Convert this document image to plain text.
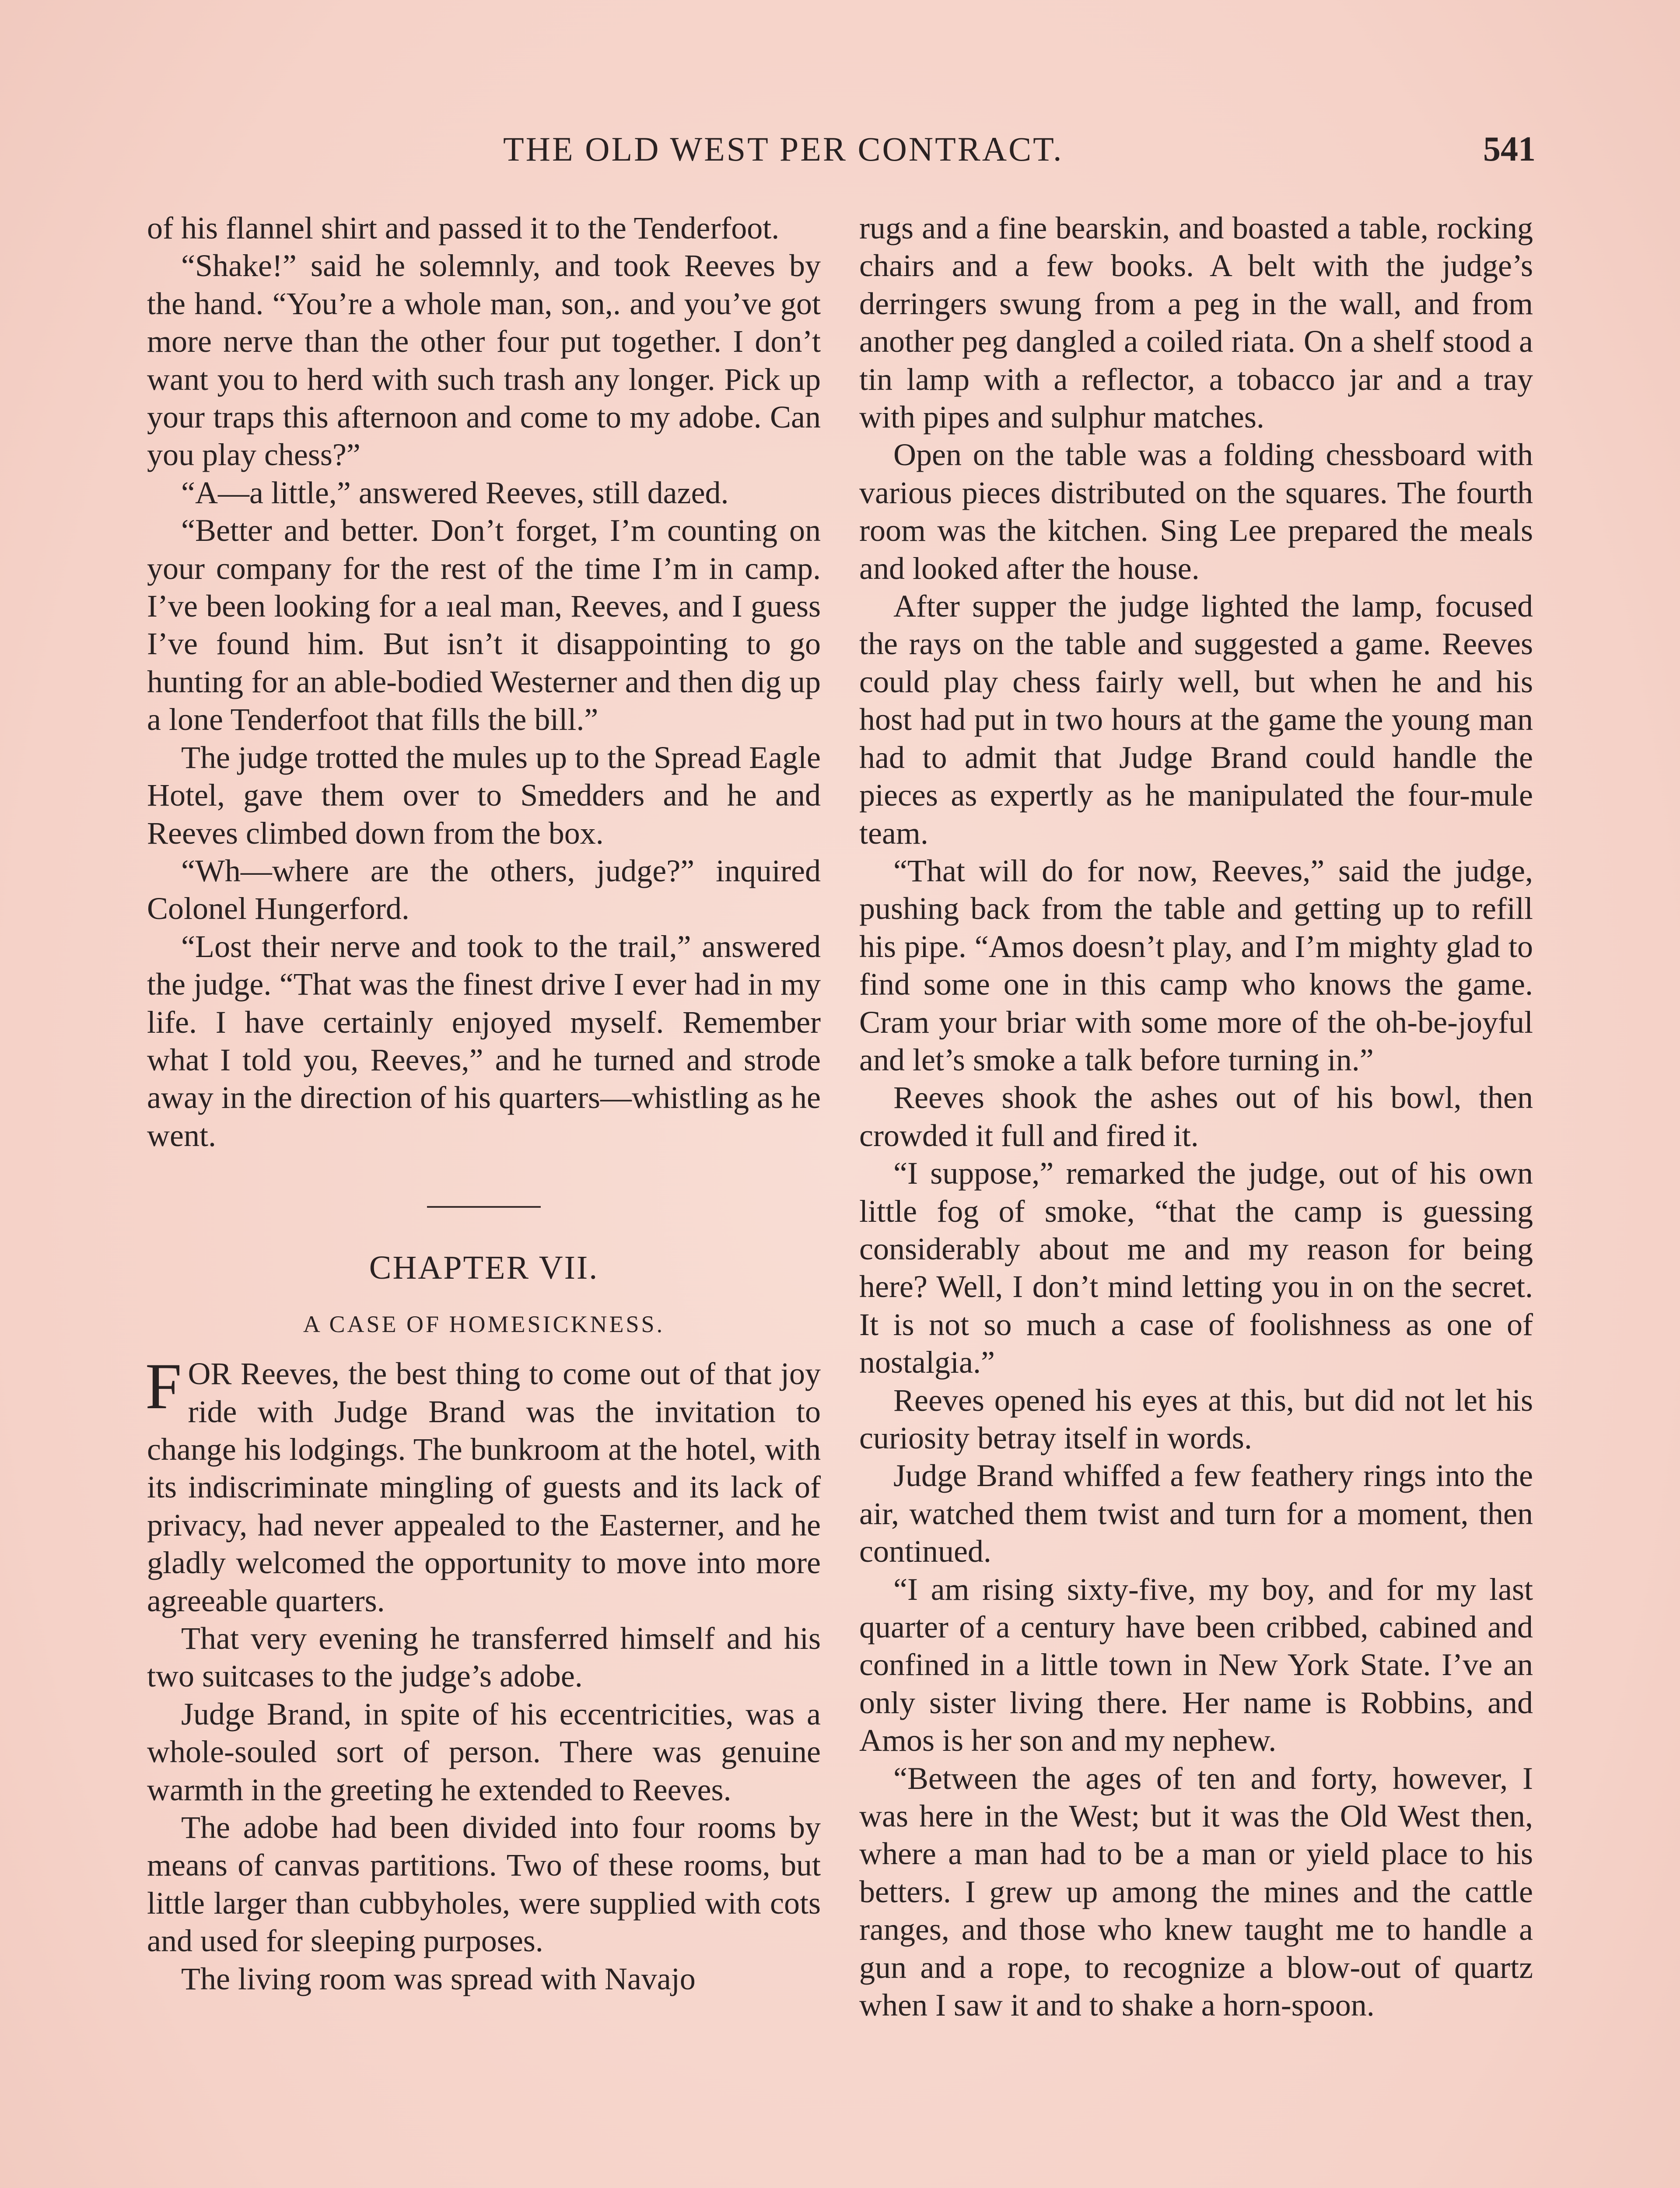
THE OLD WEST PER CONTRACT.	541

of his flannel shirt and passed it to the Tenderfoot.

“Shake!” said he solemnly, and took Reeves by the hand. “You’re a whole man, son,. and you’ve got more nerve than the other four put together. I don’t want you to herd with such trash any longer. Pick up your traps this afternoon and come to my adobe. Can you play chess?”

“A—a little,” answered Reeves, still dazed.

“Better and better. Don’t forget, I’m counting on your company for the rest of the time I’m in camp. I’ve been looking for a ıeal man, Reeves, and I guess I’ve found him. But isn’t it disappointing to go hunting for an able-bodied Westerner and then dig up a lone Tenderfoot that fills the bill.”

The judge trotted the mules up to the Spread Eagle Hotel, gave them over to Smedders and he and Reeves climbed down from the box.

“Wh—where are the others, judge?” inquired Colonel Hungerford.

“Lost their nerve and took to the trail,” answered the judge. “That was the finest drive I ever had in my life. I have certainly enjoyed myself. Remember what I told you, Reeves,” and he turned and strode away in the direction of his quarters—whistling as he went.

CHAPTER VII.
A CASE OF HOMESICKNESS.

FOR Reeves, the best thing to come out of that joy ride with Judge Brand was the invitation to change his lodgings. The bunkroom at the hotel, with its indiscriminate mingling of guests and its lack of privacy, had never appealed to the Easterner, and he gladly welcomed the opportunity to move into more agreeable quarters.

That very evening he transferred himself and his two suitcases to the judge’s adobe.

Judge Brand, in spite of his eccentricities, was a whole-souled sort of person. There was genuine warmth in the greeting he extended to Reeves.

The adobe had been divided into four rooms by means of canvas partitions. Two of these rooms, but little larger than cubbyholes, were supplied with cots and used for sleeping purposes.

The living room was spread with Navajo

rugs and a fine bearskin, and boasted a table, rocking chairs and a few books. A belt with the judge’s derringers swung from a peg in the wall, and from another peg dangled a coiled riata. On a shelf stood a tin lamp with a reflector, a tobacco jar and a tray with pipes and sulphur matches.

Open on the table was a folding chessboard with various pieces distributed on the squares. The fourth room was the kitchen. Sing Lee prepared the meals and looked after the house.

After supper the judge lighted the lamp, focused the rays on the table and suggested a game. Reeves could play chess fairly well, but when he and his host had put in two hours at the game the young man had to admit that Judge Brand could handle the pieces as expertly as he manipulated the four-mule team.

“That will do for now, Reeves,” said the judge, pushing back from the table and getting up to refill his pipe. “Amos doesn’t play, and I’m mighty glad to find some one in this camp who knows the game. Cram your briar with some more of the oh-be-joyful and let’s smoke a talk before turning in.”

Reeves shook the ashes out of his bowl, then crowded it full and fired it.

“I suppose,” remarked the judge, out of his own little fog of smoke, “that the camp is guessing considerably about me and my reason for being here? Well, I don’t mind letting you in on the secret. It is not so much a case of foolishness as one of nostalgia.”

Reeves opened his eyes at this, but did not let his curiosity betray itself in words.

Judge Brand whiffed a few feathery rings into the air, watched them twist and turn for a moment, then continued.

“I am rising sixty-five, my boy, and for my last quarter of a century have been cribbed, cabined and confined in a little town in New York State. I’ve an only sister living there. Her name is Robbins, and Amos is her son and my nephew.

“Between the ages of ten and forty, however, I was here in the West; but it was the Old West then, where a man had to be a man or yield place to his betters. I grew up among the mines and the cattle ranges, and those who knew taught me to handle a gun and a rope, to recognize a blow-out of quartz when I saw it and to shake a horn-spoon.
